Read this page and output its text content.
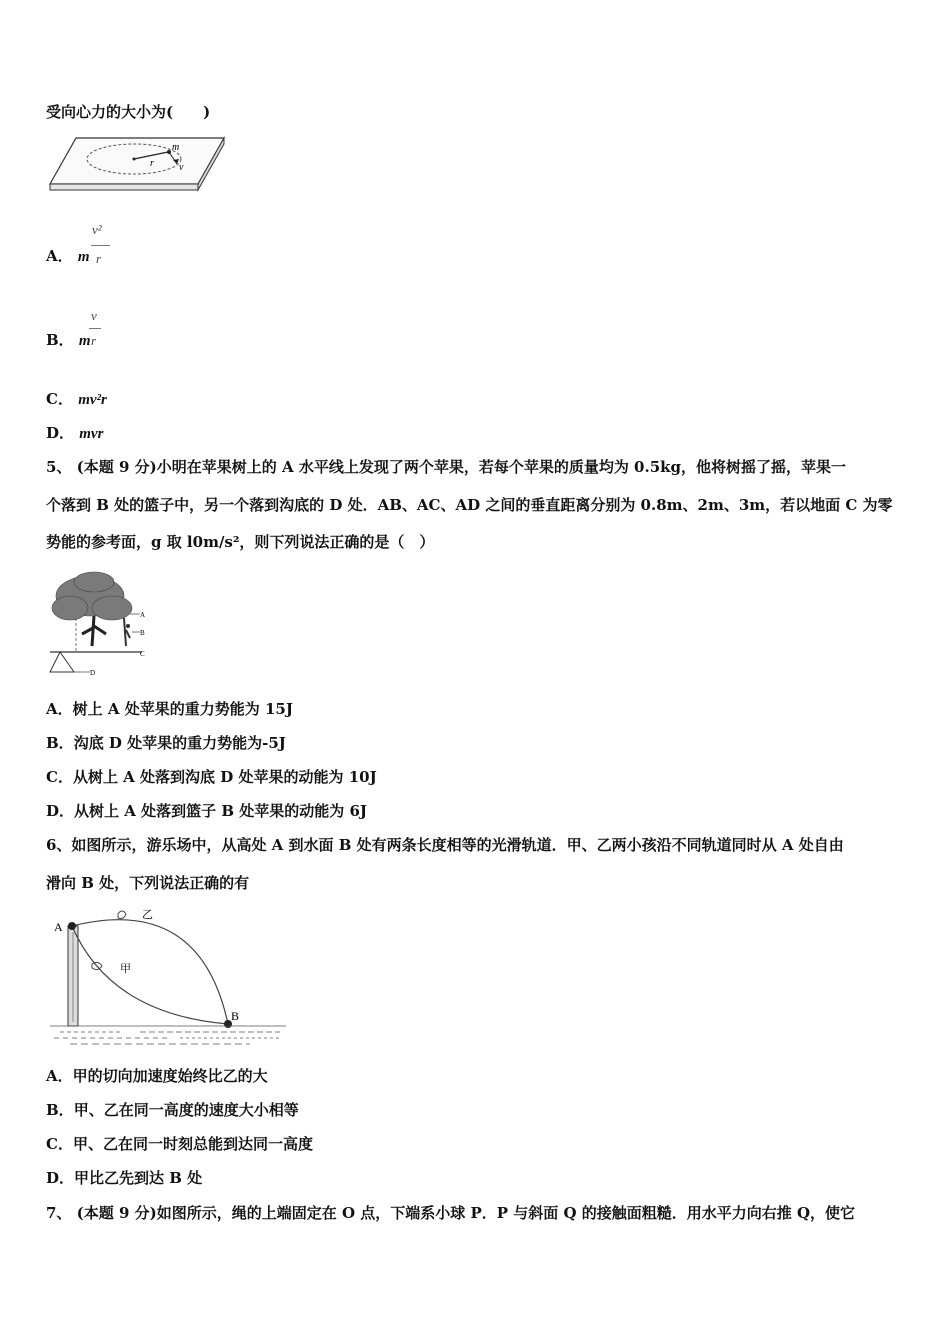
受向心力的大小为(　　)
r
m
v
A． m
v²
r
B． m
v
r
C． mv²r
D． mvr
5、 (本题 9 分)小明在苹果树上的 A 水平线上发现了两个苹果，若每个苹果的质量均为 0.5kg，他将树摇了摇，苹果一
个落到 B 处的篮子中，另一个落到沟底的 D 处．AB、AC、AD 之间的垂直距离分别为 0.8m、2m、3m，若以地面 C 为零
势能的参考面，g 取 l0m/s²，则下列说法正确的是（　）
A
B
C
D
A．树上 A 处苹果的重力势能为 15J
B．沟底 D 处苹果的重力势能为-5J
C．从树上 A 处落到沟底 D 处苹果的动能为 10J
D．从树上 A 处落到篮子 B 处苹果的动能为 6J
6、如图所示，游乐场中，从高处 A 到水面 B 处有两条长度相等的光滑轨道．甲、乙两小孩沿不同轨道同时从 A 处自由
滑向 B 处，下列说法正确的有
乙
甲
A
B
A．甲的切向加速度始终比乙的大
B．甲、乙在同一高度的速度大小相等
C．甲、乙在同一时刻总能到达同一高度
D．甲比乙先到达 B 处
7、 (本题 9 分)如图所示，绳的上端固定在 O 点，下端系小球 P．P 与斜面 Q 的接触面粗糙．用水平力向右推 Q，使它
